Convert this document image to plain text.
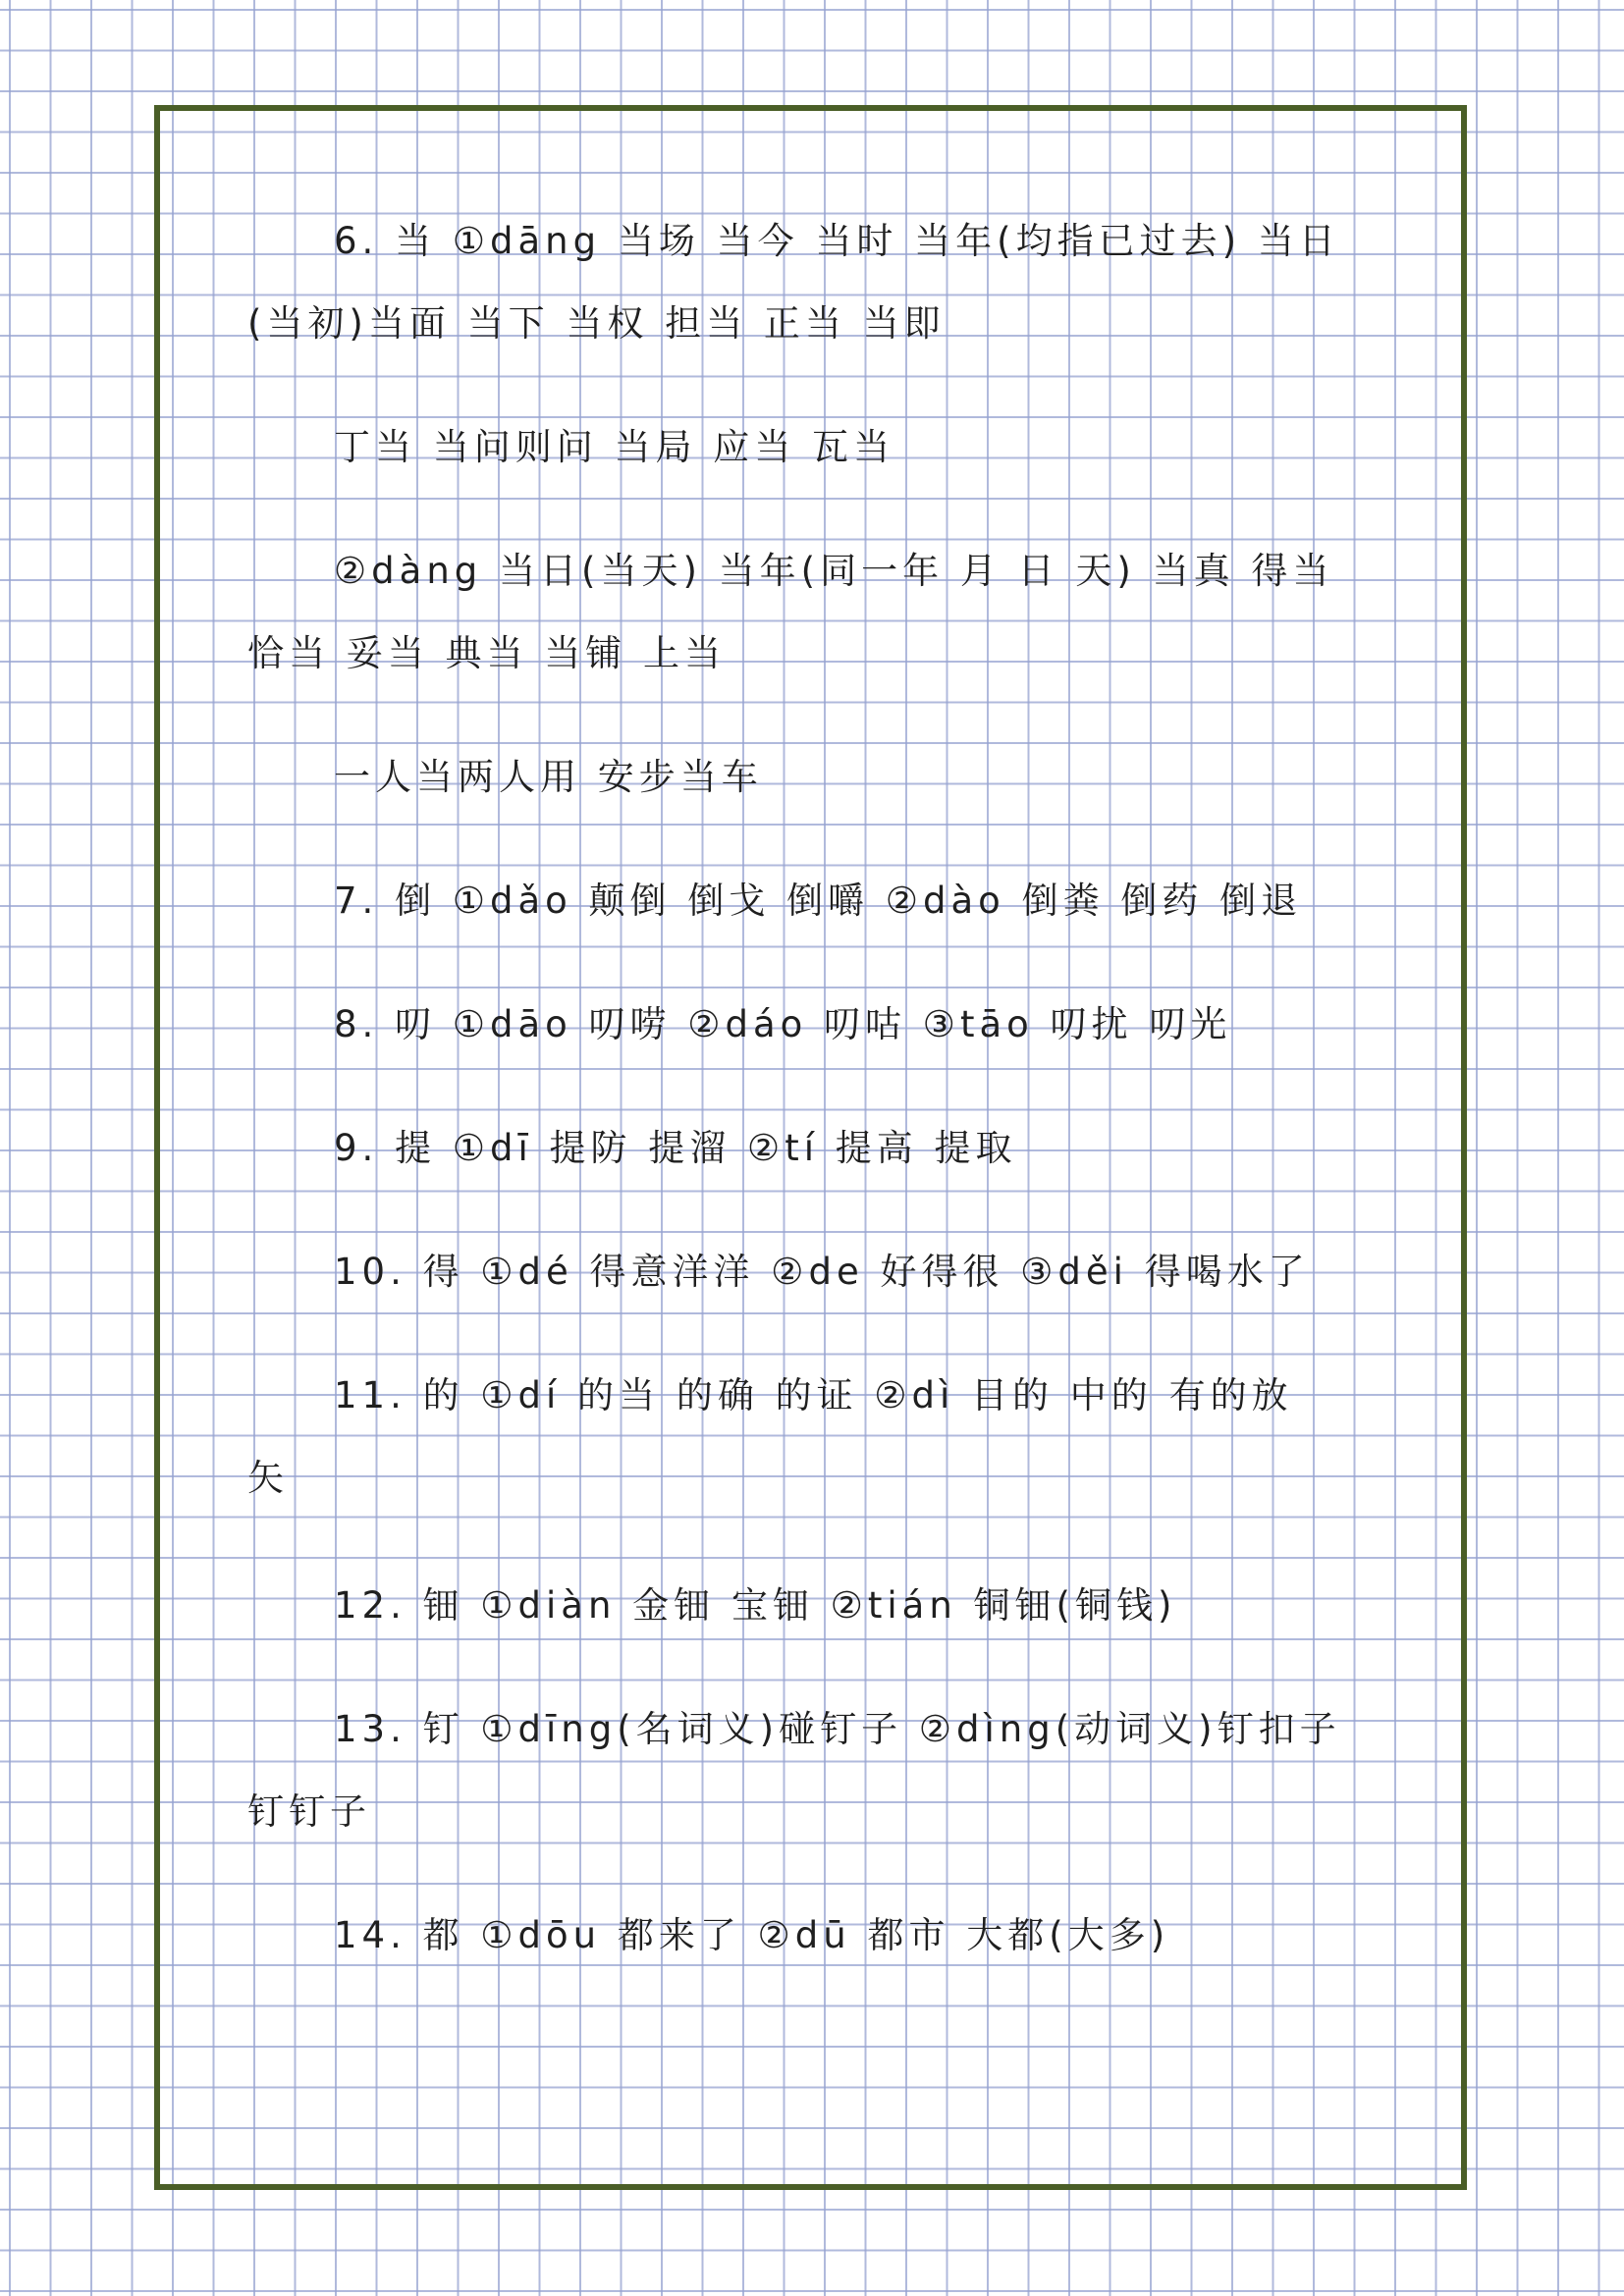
6. 当 ①dāng 当场 当今 当时 当年(均指已过去) 当日

(当初)当面 当下 当权 担当 正当 当即

丁当 当问则问 当局 应当 瓦当

②dàng 当日(当天) 当年(同一年 月 日 天) 当真 得当

恰当 妥当 典当 当铺 上当

一人当两人用 安步当车

7. 倒 ①dǎo 颠倒 倒戈 倒嚼 ②dào 倒粪 倒药 倒退

8. 叨 ①dāo 叨唠 ②dáo 叨咕 ③tāo 叨扰 叨光

9. 提 ①dī 提防 提溜 ②tí 提高 提取

10. 得 ①dé 得意洋洋 ②de 好得很 ③děi 得喝水了

11. 的 ①dí 的当 的确 的证 ②dì 目的 中的 有的放

矢

12. 钿 ①diàn 金钿 宝钿 ②tián 铜钿(铜钱)

13. 钉 ①dīng(名词义)碰钉子 ②dìng(动词义)钉扣子

钉钉子

14. 都 ①dōu 都来了 ②dū 都市 大都(大多)
